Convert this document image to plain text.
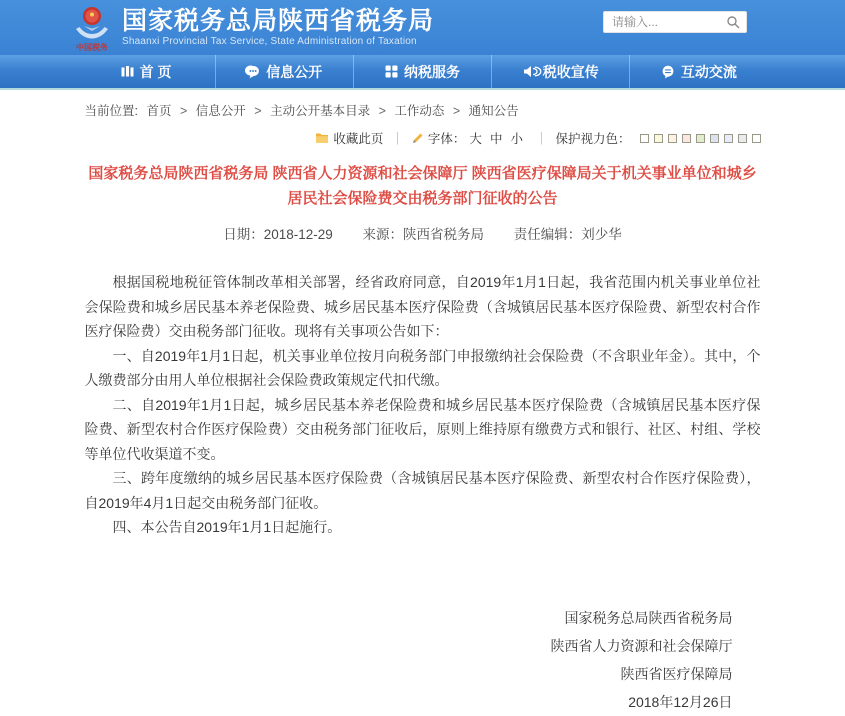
中国税务
国家税务总局陕西省税务局
Shaanxi Provincial Tax Service, State Administration of Taxation
请输入...
首 页	信息公开	纳税服务	税收宣传	互动交流
当前位置: 首页 > 信息公开 > 主动公开基本目录 > 工作动态 > 通知公告
收藏此页 ｜ 字体： 大 中 小 ｜ 保护视力色：
国家税务总局陕西省税务局 陕西省人力资源和社会保障厅 陕西省医疗保障局关于机关事业单位和城乡居民社会保险费交由税务部门征收的公告
日期：2018-12-29 来源：陕西省税务局 责任编辑：刘少华

根据国税地税征管体制改革相关部署，经省政府同意，自2019年1月1日起，我省范围内机关事业单位社会保险费和城乡居民基本养老保险费、城乡居民基本医疗保险费（含城镇居民基本医疗保险费、新型农村合作医疗保险费）交由税务部门征收。现将有关事项公告如下：

一、自2019年1月1日起，机关事业单位按月向税务部门申报缴纳社会保险费（不含职业年金）。其中，个人缴费部分由用人单位根据社会保险费政策规定代扣代缴。

二、自2019年1月1日起，城乡居民基本养老保险费和城乡居民基本医疗保险费（含城镇居民基本医疗保险费、新型农村合作医疗保险费）交由税务部门征收后，原则上维持原有缴费方式和银行、社区、村组、学校等单位代收渠道不变。

三、跨年度缴纳的城乡居民基本医疗保险费（含城镇居民基本医疗保险费、新型农村合作医疗保险费），自2019年4月1日起交由税务部门征收。

四、本公告自2019年1月1日起施行。

国家税务总局陕西省税务局
陕西省人力资源和社会保障厅
陕西省医疗保障局
2018年12月26日
